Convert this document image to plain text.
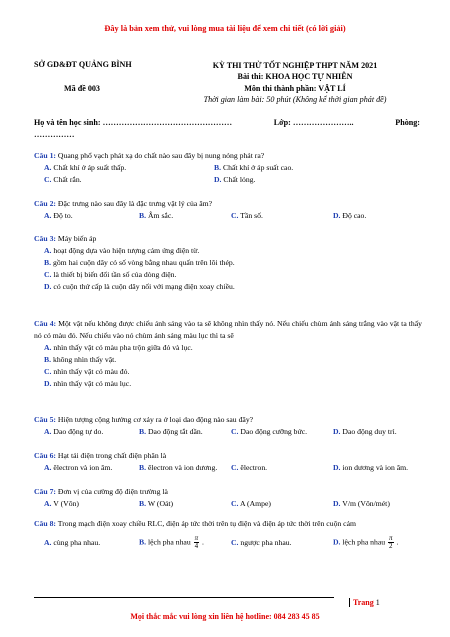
Đây là bản xem thử, vui lòng mua tài liệu để xem chi tiết (có lời giải)
SỞ GD&ĐT QUẢNG BÌNH
Mã đề 003
KỲ THI THỬ TỐT NGHIỆP THPT NĂM 2021
Bài thi: KHOA HỌC TỰ NHIÊN
Môn thi thành phần: VẬT LÍ
Thời gian làm bài: 50 phút (Không kể thời gian phát đề)
Họ và tên học sinh: …………………………………………	Lớp: …………………..	Phòng:
……………
Câu 1: Quang phổ vạch phát xạ do chất nào sau đây bị nung nóng phát ra?
A. Chất khí ở áp suất thấp.	B. Chất khí ở áp suất cao.
C. Chất rắn.	D. Chất lỏng.
Câu 2: Đặc trưng nào sau đây là đặc trưng vật lý của âm?
A. Độ to.	B. Âm sắc.	C. Tần số.	D. Độ cao.
Câu 3: Máy biến áp
A. hoạt động dựa vào hiện tượng cảm ứng điện từ.
B. gồm hai cuộn dây có số vòng bằng nhau quấn trên lõi thép.
C. là thiết bị biến đổi tần số của dòng điện.
D. có cuộn thứ cấp là cuộn dây nối với mạng điện xoay chiều.
Câu 4: Một vật nếu không được chiếu ánh sáng vào ta sẽ không nhìn thấy nó. Nếu chiếu chùm ánh sáng trắng vào vật ta thấy nó có màu đỏ. Nếu chiếu vào nó chùm ánh sáng màu lục thì ta sẽ
A. nhìn thấy vật có màu pha trộn giữa đỏ và lục.
B. không nhìn thấy vật.
C. nhìn thấy vật có màu đỏ.
D. nhìn thấy vật có màu lục.
Câu 5: Hiện tượng cộng hưởng cơ xảy ra ở loại dao động nào sau đây?
A. Dao động tự do.	B. Dao động tắt dần.	C. Dao động cưỡng bức.	D. Dao động duy trì.
Câu 6: Hạt tải điện trong chất điện phân là
A. êlectron và ion âm.	B. êlectron và ion dương.	C. êlectron.	D. ion dương và ion âm.
Câu 7: Đơn vị của cường độ điện trường là
A. V (Vôn)	B. W (Oát)	C. A (Ampe)	D. V/m (Vôn/mét)
Câu 8: Trong mạch điện xoay chiều RLC, điện áp tức thời trên tụ điện và điện áp tức thời trên cuộn cảm
A. cùng pha nhau.	B. lệch pha nhau $\frac{\pi}{4}$ .	C. ngược pha nhau.	D. lệch pha nhau $\frac{\pi}{2}$ .
Trang 1
Mọi thắc mắc vui lòng xin liên hệ hotline: 084 283 45 85
